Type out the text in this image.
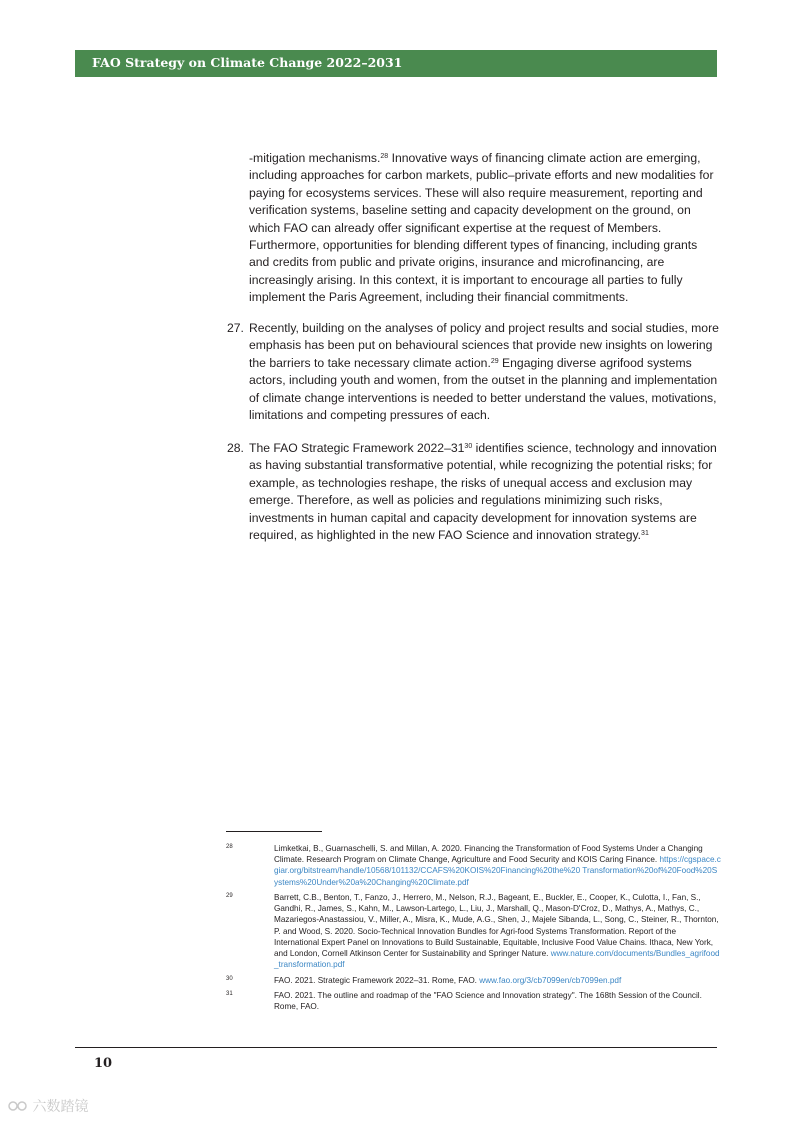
FAO Strategy on Climate Change 2022–2031

-mitigation mechanisms.$^{28}$ Innovative ways of financing climate action are emerging, including approaches for carbon markets, public–private efforts and new modalities for paying for ecosystems services. These will also require measurement, reporting and verification systems, baseline setting and capacity development on the ground, on which FAO can already offer significant expertise at the request of Members. Furthermore, opportunities for blending different types of financing, including grants and credits from public and private origins, insurance and microfinancing, are increasingly arising. In this context, it is important to encourage all parties to fully implement the Paris Agreement, including their financial commitments.

27. Recently, building on the analyses of policy and project results and social studies, more emphasis has been put on behavioural sciences that provide new insights on lowering the barriers to take necessary climate action.$^{29}$ Engaging diverse agrifood systems actors, including youth and women, from the outset in the planning and implementation of climate change interventions is needed to better understand the values, motivations, limitations and competing pressures of each.

28. The FAO Strategic Framework $2022-31^{30}$ identifies science, technology and innovation as having substantial transformative potential, while recognizing the potential risks; for example, as technologies reshape, the risks of unequal access and exclusion may emerge. Therefore, as well as policies and regulations minimizing such risks, investments in human capital and capacity development for innovation systems are required, as highlighted in the new FAO Science and innovation strategy.$^{31}$

28	Limketkai, B., Guarnaschelli, S. and Millan, A. 2020. Financing the Transformation of Food Systems Under a Changing Climate. Research Program on Climate Change, Agriculture and Food Security and KOIS Caring Finance. https://cgspace.cgiar.org/bitstream/handle/10568/101132/CCAFS%20KOIS%20Financing%20the%20 Transformation%20of%20Food%20Systems%20Under%20a%20Changing%20Climate.pdf
29	Barrett, C.B., Benton, T., Fanzo, J., Herrero, M., Nelson, R.J., Bageant, E., Buckler, E., Cooper, K., Culotta, I., Fan, S., Gandhi, R., James, S., Kahn, M., Lawson-Lartego, L., Liu, J., Marshall, Q., Mason-D'Croz, D., Mathys, A., Mathys, C., Mazariegos-Anastassiou, V., Miller, A., Misra, K., Mude, A.G., Shen, J., Majele Sibanda, L., Song, C., Steiner, R., Thornton, P. and Wood, S. 2020. Socio-Technical Innovation Bundles for Agri-food Systems Transformation. Report of the International Expert Panel on Innovations to Build Sustainable, Equitable, Inclusive Food Value Chains. Ithaca, New York, and London, Cornell Atkinson Center for Sustainability and Springer Nature. www.nature.com/documents/Bundles_agrifood_transformation.pdf
30	FAO. 2021. Strategic Framework 2022–31. Rome, FAO. www.fao.org/3/cb7099en/cb7099en.pdf
31	FAO. 2021. The outline and roadmap of the "FAO Science and Innovation strategy". The 168th Session of the Council. Rome, FAO.
10
六数踏镜
